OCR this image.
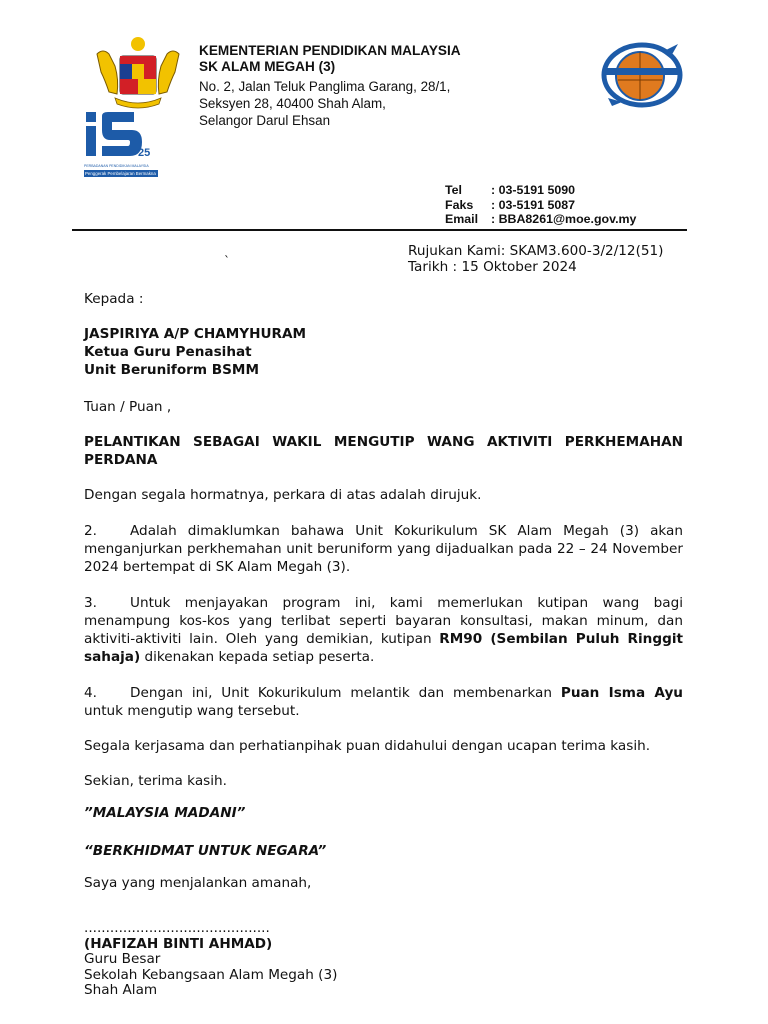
25
PERBADANAN PENDIDIKAN MALAYSIA
Penggerak Pembelajaran Bermakna
KEMENTERIAN PENDIDIKAN MALAYSIA
SK ALAM MEGAH (3)
No. 2, Jalan Teluk Panglima Garang, 28/1,
Seksyen 28, 40400 Shah Alam,
Selangor Darul Ehsan
Tel	: 03-5191 5090
Faks	: 03-5191 5087
Email	: BBA8261@moe.gov.my
Rujukan Kami: SKAM3.600-3/2/12(51)
Tarikh : 15 Oktober 2024
`
Kepada :
JASPIRIYA A/P CHAMYHURAM
Ketua Guru Penasihat
Unit Beruniform BSMM
Tuan / Puan ,
PELANTIKAN SEBAGAI WAKIL MENGUTIP WANG AKTIVITI PERKHEMAHAN PERDANA
Dengan segala hormatnya, perkara di atas adalah dirujuk.
2. Adalah dimaklumkan bahawa Unit Kokurikulum SK Alam Megah (3) akan menganjurkan perkhemahan unit beruniform yang dijadualkan pada 22 – 24 November 2024 bertempat di SK Alam Megah (3).
3. Untuk menjayakan program ini, kami memerlukan kutipan wang bagi menampung kos-kos yang terlibat seperti bayaran konsultasi, makan minum, dan aktiviti-aktiviti lain. Oleh yang demikian, kutipan RM90 (Sembilan Puluh Ringgit sahaja) dikenakan kepada setiap peserta.
4. Dengan ini, Unit Kokurikulum melantik dan membenarkan Puan Isma Ayu untuk mengutip wang tersebut.
Segala kerjasama dan perhatianpihak puan didahului dengan ucapan terima kasih.
Sekian, terima kasih.
”MALAYSIA MADANI”
“BERKHIDMAT UNTUK NEGARA”
Saya yang menjalankan amanah,
...........................................
(HAFIZAH BINTI AHMAD)
Guru Besar
Sekolah Kebangsaan Alam Megah (3)
Shah Alam
